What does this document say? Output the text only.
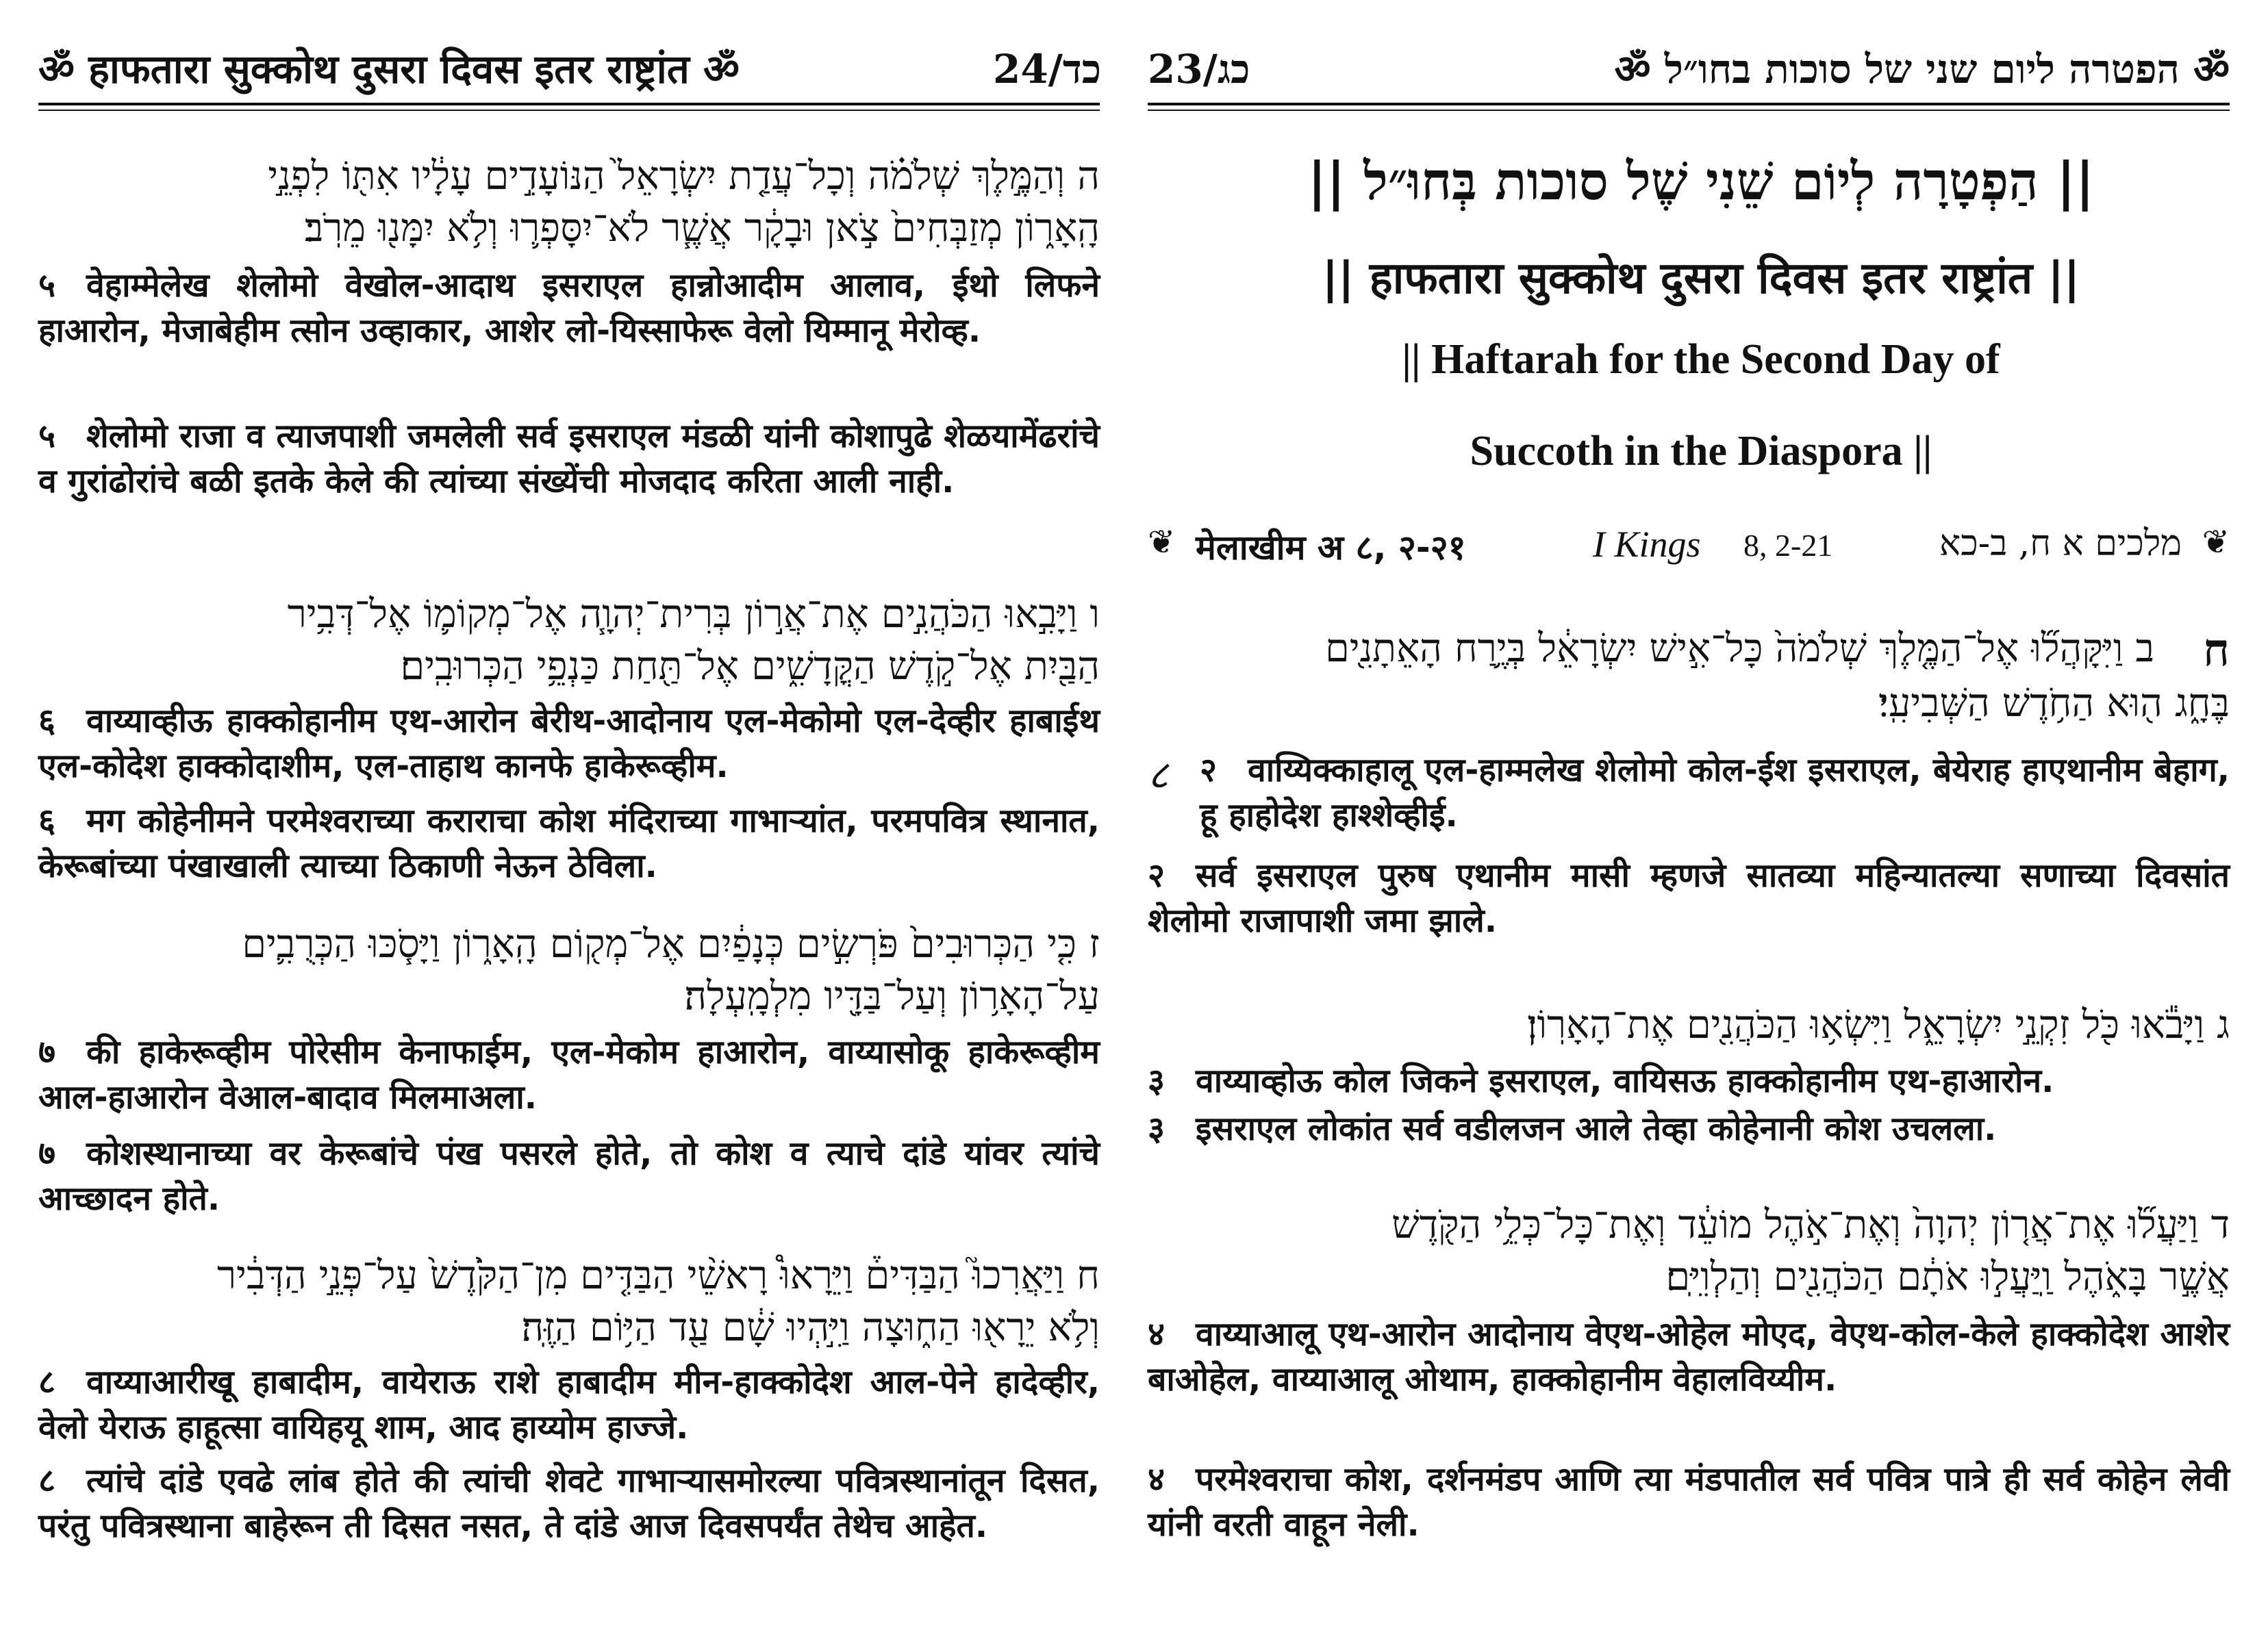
ॐ हाफतारा सुक्कोथ दुसरा दिवस इतर राष्ट्रांत ॐ	24/כד
ה וְהַמֶּ֣לֶךְ שְׁלֹמֹ֗ה וְכָל־עֲדַ֤ת יִשְׂרָאֵל֙ הַנּוֹעָדִ֣ים עָלָ֔יו אִתּ֖וֹ לִפְנֵ֣י
הָֽאָר֑וֹן מְזַבְּחִים֙ צֹ֣אן וּבָקָ֔ר אֲשֶׁ֧ר לֹא־יִסָּפְר֛וּ וְלֹ֥א יִמָּנ֖וּ מֵרֹֽב׃
५ वेहाम्मेलेख शेलोमो वेखोल-आदाथ इसराएल हान्नोआदीम आलाव, ईथो लिफने हाआरोन, मेजाबेहीम त्सोन उव्हाकार, आशेर लो-यिस्साफेरू वेलो यिम्मानू मेरोव्ह.
५ शेलोमो राजा व त्याजपाशी जमलेली सर्व इसराएल मंडळी यांनी कोशापुढे शेळयामेंढरांचे व गुरांढोरांचे बळी इतके केले की त्यांच्या संख्येंची मोजदाद करिता आली नाही.
ו וַיָּבִ֣אוּ הַכֹּהֲנִ֣ים אֶת־אֲר֣וֹן בְּרִית־יְהוָ֧ה אֶל־מְקוֹמ֛וֹ אֶל־דְּבִ֥יר
הַבַּ֖יִת אֶל־קֹ֣דֶשׁ הַקֳּדָשִׁ֑ים אֶל־תַּ֖חַת כַּנְפֵ֥י הַכְּרוּבִֽים׃
६ वाय्याव्हीऊ हाक्कोहानीम एथ-आरोन बेरीथ-आदोनाय एल-मेकोमो एल-देव्हीर हाबाईथ एल-कोदेश हाक्कोदाशीम, एल-ताहाथ कानफे हाकेरूव्हीम.
६ मग कोहेनीमने परमेश्वराच्या कराराचा कोश मंदिराच्या गाभाऱ्यांत, परमपवित्र स्थानात, केरूबांच्या पंखाखाली त्याच्या ठिकाणी नेऊन ठेविला.
ז כִּ֤י הַכְּרוּבִים֙ פֹּרְשִׂ֣ים כְּנָפַ֔יִם אֶל־מְק֖וֹם הָֽאָר֑וֹן וַיָּסֹ֧כּוּ הַכְּרֻבִ֛ים
עַל־הָאָר֥וֹן וְעַל־בַּדָּ֖יו מִלְמָֽעְלָה׃
७ की हाकेरूव्हीम पोरेसीम केनाफाईम, एल-मेकोम हाआरोन, वाय्यासोकू हाकेरूव्हीम आल-हाआरोन वेआल-बादाव मिलमाअला.
७ कोशस्थानाच्या वर केरूबांचे पंख पसरले होते, तो कोश व त्याचे दांडे यांवर त्यांचे आच्छादन होते.
ח וַיַּאֲרִכוּ֮ הַבַּדִּים֒ וַיֵּרָאוּ֩ רָאשֵׁ֨י הַבַּדִּ֤ים מִן־הַקֹּ֙דֶשׁ֙ עַל־פְּנֵ֣י הַדְּבִ֔יר
וְלֹ֥א יֵרָא֖וּ הַח֑וּצָה וַיִּ֣הְיוּ שָׁ֔ם עַ֖ד הַיּ֥וֹם הַזֶּֽה׃
८ वाय्याआरीखू हाबादीम, वायेराऊ राशे हाबादीम मीन-हाक्कोदेश आल-पेने हादेव्हीर, वेलो येराऊ हाहूत्सा वायिहयू शाम, आद हाय्योम हाज्जे.
८ त्यांचे दांडे एवढे लांब होते की त्यांची शेवटे गाभाऱ्यासमोरल्या पवित्रस्थानांतून दिसत, परंतु पवित्रस्थाना बाहेरून ती दिसत नसत, ते दांडे आज दिवसपर्यंत तेथेच आहेत.
23/כג	ॐ הפטרה ליום שני של סוכות בחו״ל ॐ
|| הַפְטָרָה לְיוֹם שֵׁנִי שֶׁל סוכות בְּחוּ״ל ||
|| हाफतारा सुक्कोथ दुसरा दिवस इतर राष्ट्रांत ||
|| Haftarah for the Second Day of
Succoth in the Diaspora ||
❦ मेलाखीम अ ८, २-२१	I Kings 8, 2-21	מלכים א ח, ב-כא ❦
ח
ב וַיִּקָּהֲל֞וּ אֶל־הַמֶּ֤לֶךְ שְׁלֹמֹה֙ כָּל־אִ֣ישׁ יִשְׂרָאֵ֔ל בְּיֶ֥רַח הָאֵתָנִ֖ים
בֶּחָ֑ג ה֖וּא הַחֹ֥דֶשׁ הַשְּׁבִיעִֽי׃
८ २ वाय्यिक्काहालू एल-हाम्मलेख शेलोमो कोल-ईश इसराएल, बेयेराह हाएथानीम बेहाग, हू हाहोदेश हाश्शेव्हीई.
२ सर्व इसराएल पुरुष एथानीम मासी म्हणजे सातव्या महिन्यातल्या सणाच्या दिवसांत शेलोमो राजापाशी जमा झाले.
ג וַיָּבֹ֕אוּ כֹּ֖ל זִקְנֵ֣י יִשְׂרָאֵ֑ל וַיִּשְׂא֥וּ הַכֹּהֲנִ֖ים אֶת־הָאָרֽוֹן׃
३ वाय्याव्होऊ कोल जिकने इसराएल, वायिसऊ हाक्कोहानीम एथ-हाआरोन.
३ इसराएल लोकांत सर्व वडीलजन आले तेव्हा कोहेनानी कोश उचलला.
ד וַיַּעֲל֞וּ אֶת־אֲר֤וֹן יְהוָה֙ וְאֶת־אֹ֣הֶל מוֹעֵ֔ד וְאֶת־כָּל־כְּלֵ֥י הַקֹּ֖דֶשׁ
אֲשֶׁ֣ר בָּאֹ֑הֶל וַֽיַּעֲל֣וּ אֹתָ֔ם הַכֹּהֲנִ֖ים וְהַלְוִיִּֽם׃
४ वाय्याआलू एथ-आरोन आदोनाय वेएथ-ओहेल मोएद, वेएथ-कोल-केले हाक्कोदेश आशेर बाओहेल, वाय्याआलू ओथाम, हाक्कोहानीम वेहालविय्यीम.
४ परमेश्वराचा कोश, दर्शनमंडप आणि त्या मंडपातील सर्व पवित्र पात्रे ही सर्व कोहेन लेवी यांनी वरती वाहून नेली.
